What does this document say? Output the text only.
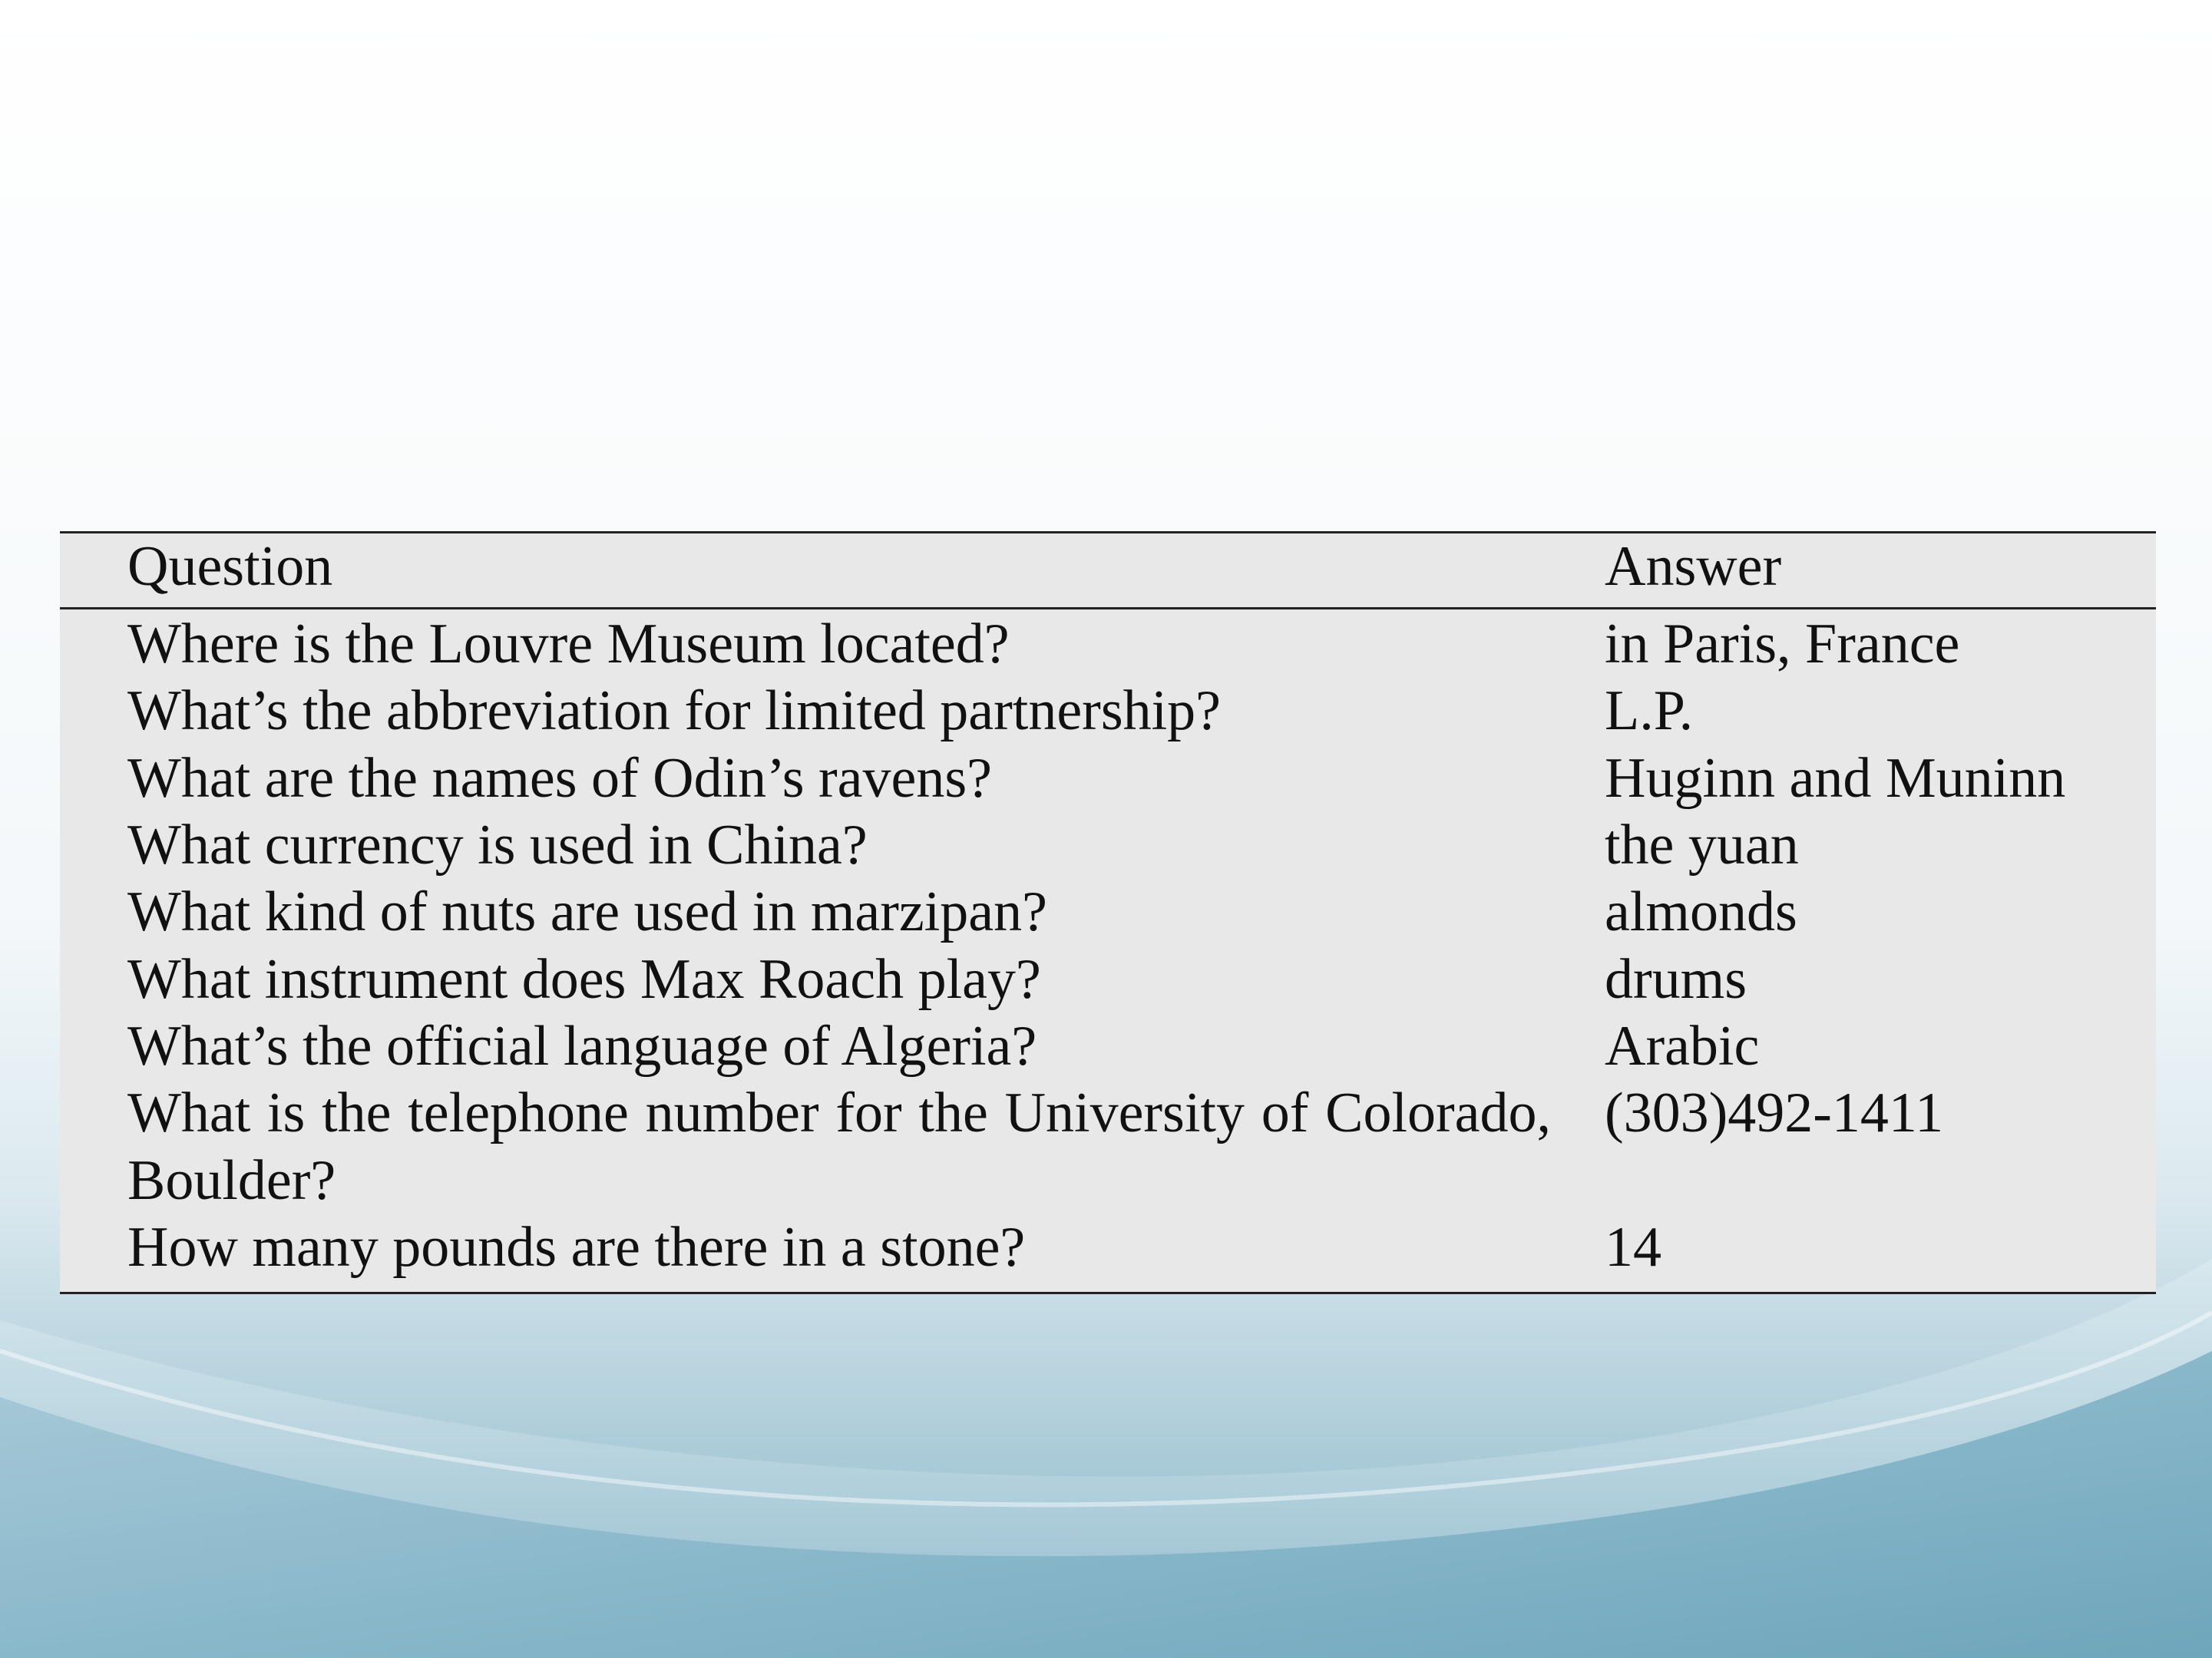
Question	Answer
Where is the Louvre Museum located?	in Paris, France
What’s the abbreviation for limited partnership?	L.P.
What are the names of Odin’s ravens?	Huginn and Muninn
What currency is used in China?	the yuan
What kind of nuts are used in marzipan?	almonds
What instrument does Max Roach play?	drums
What’s the official language of Algeria?	Arabic
What is the telephone number for the University of Colorado, Boulder?	(303)492-1411
How many pounds are there in a stone?	14
